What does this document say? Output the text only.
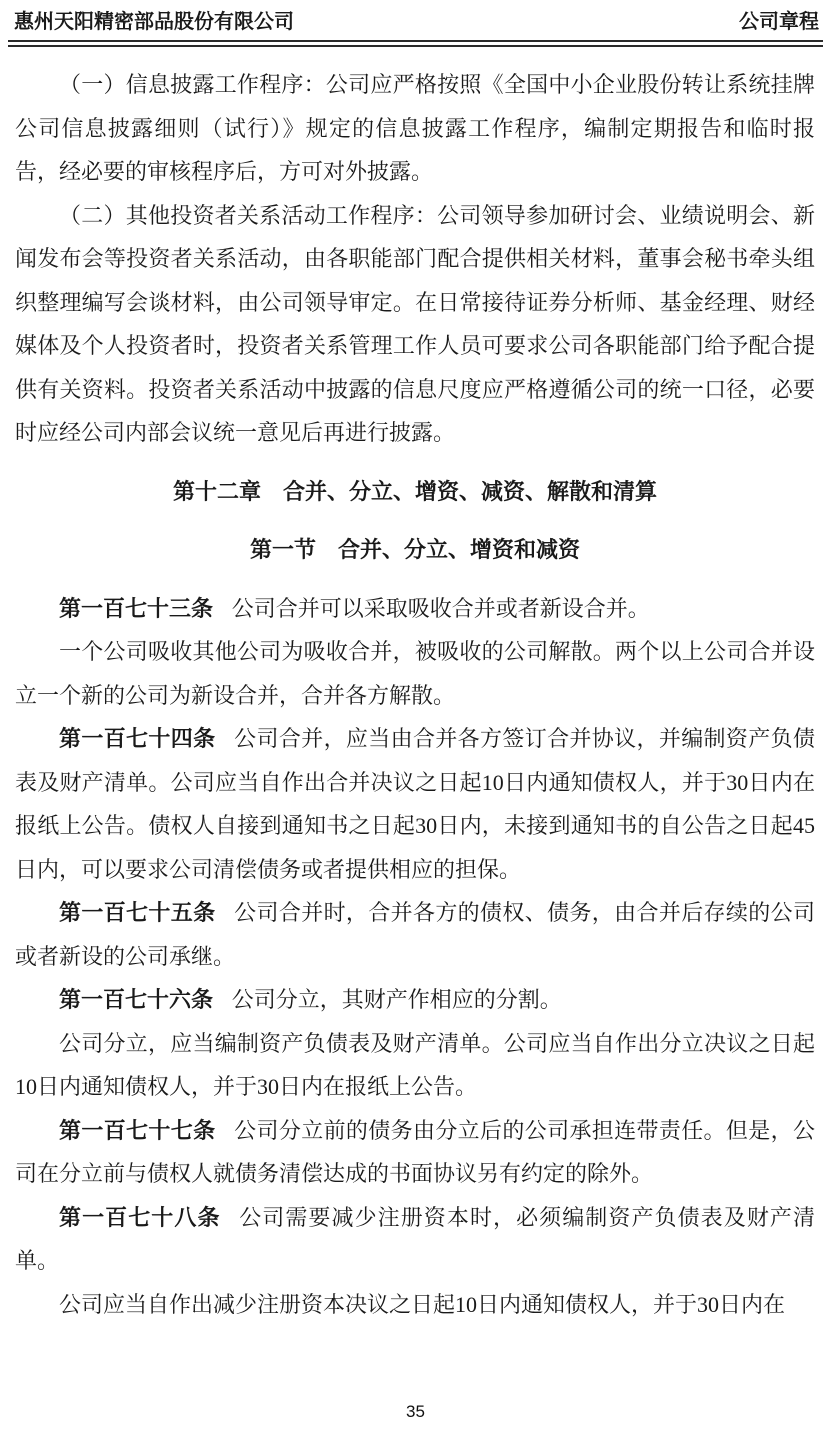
惠州天阳精密部品股份有限公司	公司章程

（一）信息披露工作程序：公司应严格按照《全国中小企业股份转让系统挂牌公司信息披露细则（试行）》规定的信息披露工作程序，编制定期报告和临时报告，经必要的审核程序后，方可对外披露。

（二）其他投资者关系活动工作程序：公司领导参加研讨会、业绩说明会、新闻发布会等投资者关系活动，由各职能部门配合提供相关材料，董事会秘书牵头组织整理编写会谈材料，由公司领导审定。在日常接待证券分析师、基金经理、财经媒体及个人投资者时，投资者关系管理工作人员可要求公司各职能部门给予配合提供有关资料。投资者关系活动中披露的信息尺度应严格遵循公司的统一口径，必要时应经公司内部会议统一意见后再进行披露。

第十二章　合并、分立、增资、减资、解散和清算

第一节　合并、分立、增资和减资

第一百七十三条 公司合并可以采取吸收合并或者新设合并。

一个公司吸收其他公司为吸收合并，被吸收的公司解散。两个以上公司合并设立一个新的公司为新设合并，合并各方解散。

第一百七十四条 公司合并，应当由合并各方签订合并协议，并编制资产负债表及财产清单。公司应当自作出合并决议之日起10日内通知债权人，并于30日内在报纸上公告。债权人自接到通知书之日起30日内，未接到通知书的自公告之日起45日内，可以要求公司清偿债务或者提供相应的担保。

第一百七十五条 公司合并时，合并各方的债权、债务，由合并后存续的公司或者新设的公司承继。

第一百七十六条 公司分立，其财产作相应的分割。

公司分立，应当编制资产负债表及财产清单。公司应当自作出分立决议之日起10日内通知债权人，并于30日内在报纸上公告。

第一百七十七条 公司分立前的债务由分立后的公司承担连带责任。但是，公司在分立前与债权人就债务清偿达成的书面协议另有约定的除外。

第一百七十八条 公司需要减少注册资本时，必须编制资产负债表及财产清单。

公司应当自作出减少注册资本决议之日起10日内通知债权人，并于30日内在

35
